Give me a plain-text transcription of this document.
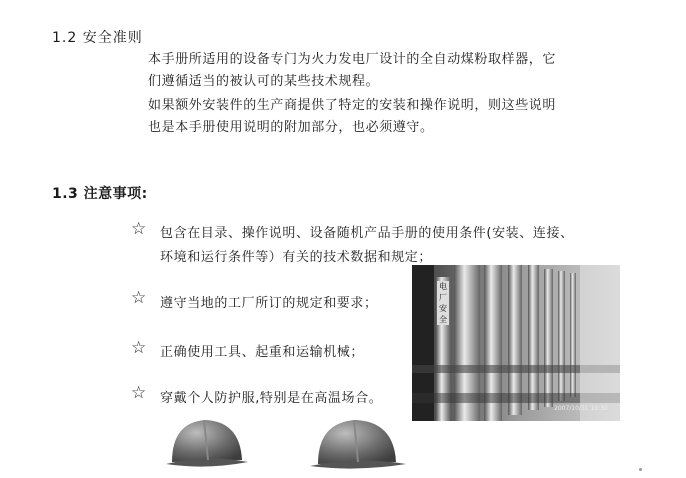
1.2 安全准则
本手册所适用的设备专门为火力发电厂设计的全自动煤粉取样器，它
们遵循适当的被认可的某些技术规程。
如果额外安装件的生产商提供了特定的安装和操作说明，则这些说明
也是本手册使用说明的附加部分，也必须遵守。
1.3 注意事项:
☆ 包含在目录、操作说明、设备随机产品手册的使用条件(安装、连接、
环境和运行条件等）有关的技术数据和规定；
☆ 遵守当地的工厂所订的规定和要求；
☆ 正确使用工具、起重和运输机械；
☆ 穿戴个人防护服,特别是在高温场合。
电厂安全
2007/10/31 10:30
